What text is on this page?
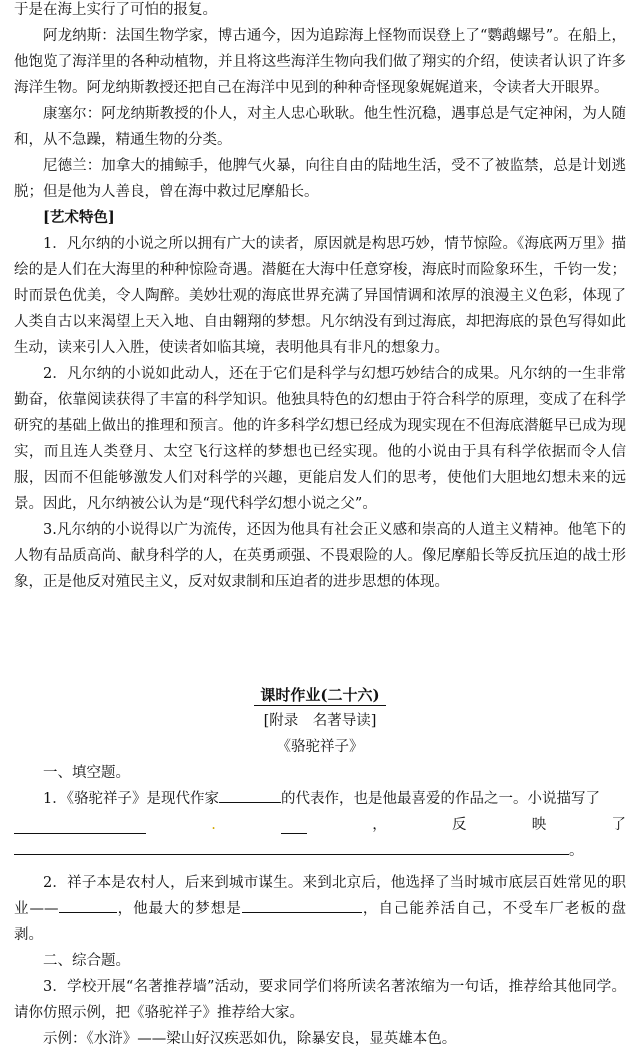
于是在海上实行了可怕的报复。

阿龙纳斯：法国生物学家，博古通今，因为追踪海上怪物而误登上了“鹦鹉螺号”。在船上，他饱览了海洋里的各种动植物，并且将这些海洋生物向我们做了翔实的介绍，使读者认识了许多海洋生物。阿龙纳斯教授还把自己在海洋中见到的种种奇怪现象娓娓道来，令读者大开眼界。

康塞尔：阿龙纳斯教授的仆人，对主人忠心耿耿。他生性沉稳，遇事总是气定神闲，为人随和，从不急躁，精通生物的分类。

尼德兰：加拿大的捕鲸手，他脾气火暴，向往自由的陆地生活，受不了被监禁，总是计划逃脱；但是他为人善良，曾在海中救过尼摩船长。

[艺术特色]

1．凡尔纳的小说之所以拥有广大的读者，原因就是构思巧妙，情节惊险。《海底两万里》描绘的是人们在大海里的种种惊险奇遇。潜艇在大海中任意穿梭，海底时而险象环生，千钧一发；时而景色优美，令人陶醉。美妙壮观的海底世界充满了异国情调和浓厚的浪漫主义色彩，体现了人类自古以来渴望上天入地、自由翱翔的梦想。凡尔纳没有到过海底，却把海底的景色写得如此生动，读来引人入胜，使读者如临其境，表明他具有非凡的想象力。

2．凡尔纳的小说如此动人，还在于它们是科学与幻想巧妙结合的成果。凡尔纳的一生非常勤奋，依靠阅读获得了丰富的科学知识。他独具特色的幻想由于符合科学的原理，变成了在科学研究的基础上做出的推理和预言。他的许多科学幻想已经成为现实现在不但海底潜艇早已成为现实，而且连人类登月、太空飞行这样的梦想也已经实现。他的小说由于具有科学依据而令人信服，因而不但能够激发人们对科学的兴趣，更能启发人们的思考，使他们大胆地幻想未来的远景。因此，凡尔纳被公认为是“现代科学幻想小说之父”。

3.凡尔纳的小说得以广为流传，还因为他具有社会正义感和崇高的人道主义精神。他笔下的人物有品质高尚、献身科学的人，在英勇顽强、不畏艰险的人。像尼摩船长等反抗压迫的战士形象，正是他反对殖民主义，反对奴隶制和压迫者的进步思想的体现。

课时作业(二十六)

[附录　名著导读]

《骆驼祥子》

一、填空题。

1．《骆驼祥子》是现代作家	的代表作，也是他最喜爱的作品之一。小说描写了

.	，	反	映	了

。

2．祥子本是农村人，后来到城市谋生。来到北京后，他选择了当时城市底层百姓常见的职业——	，他最大的梦想是	，自己能养活自己，不受车厂老板的盘剥。

二、综合题。

3．学校开展“名著推荐墙”活动，要求同学们将所读名著浓缩为一句话，推荐给其他同学。请你仿照示例，把《骆驼祥子》推荐给大家。

示例：《水浒》——梁山好汉疾恶如仇，除暴安良，显英雄本色。
